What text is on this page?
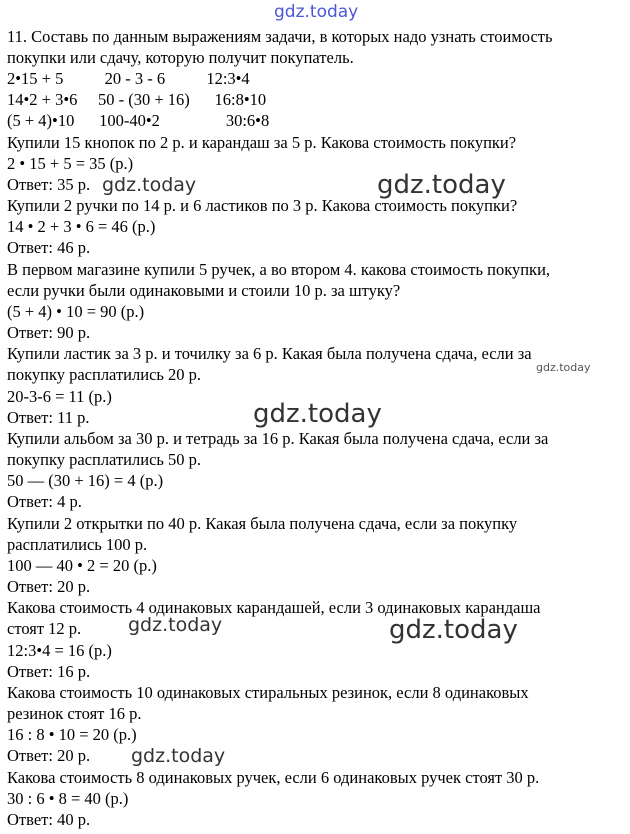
11. Составь по данным выражениям задачи, в которых надо узнать стоимость
покупки или сдачу, которую получит покупатель.
2•15 + 5          20 - 3 - 6          12:3•4
14•2 + 3•6     50 - (30 + 16)      16:8•10
(5 + 4)•10      100-40•2                30:6•8
Купили 15 кнопок по 2 р. и карандаш за 5 р. Какова стоимость покупки?
2 • 15 + 5 = 35 (р.)
Ответ: 35 р.
Купили 2 ручки по 14 р. и 6 ластиков по 3 р. Какова стоимость покупки?
14 • 2 + 3 • 6 = 46 (р.)
Ответ: 46 р.
В первом магазине купили 5 ручек, а во втором 4. какова стоимость покупки,
если ручки были одинаковыми и стоили 10 р. за штуку?
(5 + 4) • 10 = 90 (р.)
Ответ: 90 р.
Купили ластик за 3 р. и точилку за 6 р. Какая была получена сдача, если за
покупку расплатились 20 р.
20-3-6 = 11 (р.)
Ответ: 11 р.
Купили альбом за 30 р. и тетрадь за 16 р. Какая была получена сдача, если за
покупку расплатились 50 р.
50 — (30 + 16) = 4 (р.)
Ответ: 4 р.
Купили 2 открытки по 40 р. Какая была получена сдача, если за покупку
расплатились 100 р.
100 — 40 • 2 = 20 (р.)
Ответ: 20 р.
Какова стоимость 4 одинаковых карандашей, если 3 одинаковых карандаша
стоят 12 р.
12:3•4 = 16 (р.)
Ответ: 16 р.
Какова стоимость 10 одинаковых стиральных резинок, если 8 одинаковых
резинок стоят 16 р.
16 : 8 • 10 = 20 (р.)
Ответ: 20 р.
Какова стоимость 8 одинаковых ручек, если 6 одинаковых ручек стоят 30 р.
30 : 6 • 8 = 40 (р.)
Ответ: 40 р.
gdz.today
gdz.today	gdz.today
gdz.today
gdz.today
gdz.today	gdz.today
gdz.today
